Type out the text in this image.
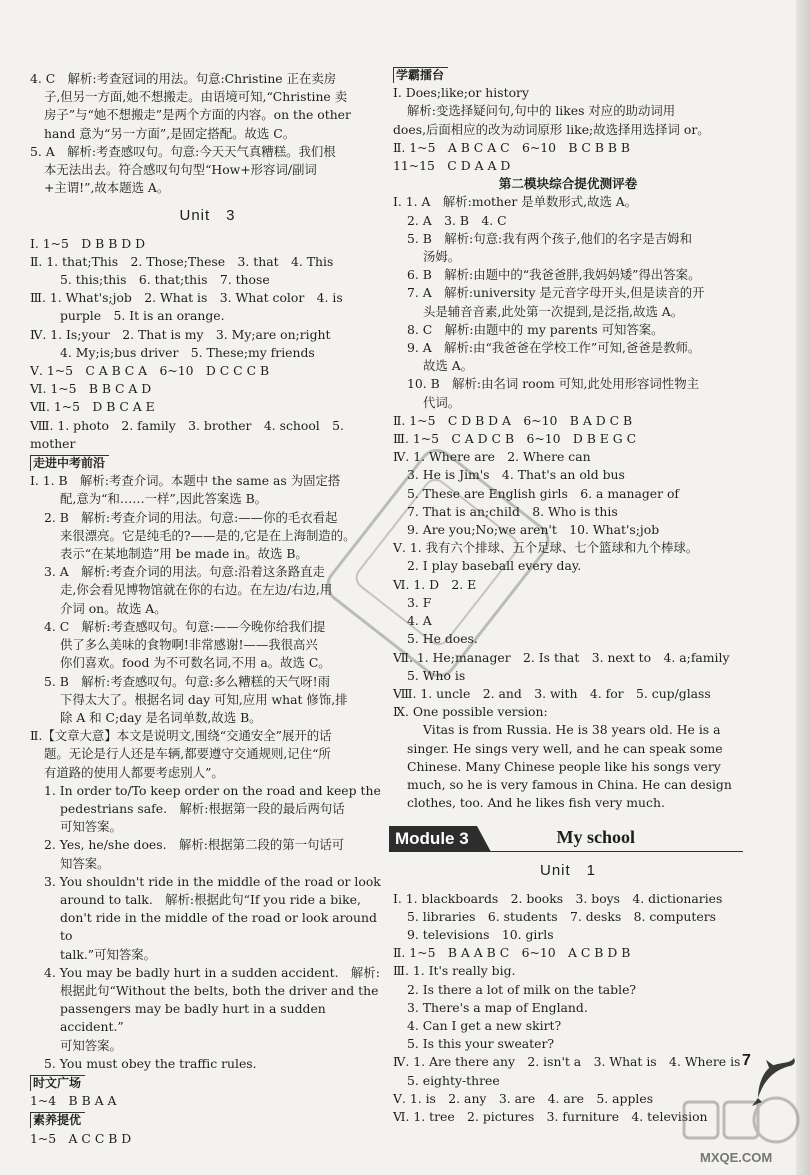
4. C　解析:考查冠词的用法。句意:Christine 正在卖房

子,但另一方面,她不想搬走。由语境可知,“Christine 卖

房子”与“她不想搬走”是两个方面的内容。on the other

hand 意为“另一方面”,是固定搭配。故选 C。

5. A　解析:考查感叹句。句意:今天天气真糟糕。我们根

本无法出去。符合感叹句句型“How+形容词/副词

+主谓!”,故本题选 A。

Unit　3

Ⅰ. 1~5　D B B D D

Ⅱ. 1. that;This　2. Those;These　3. that　4. This

5. this;this　6. that;this　7. those

Ⅲ. 1. What's;job　2. What is　3. What color　4. is

purple　5. It is an orange.

Ⅳ. 1. Is;your　2. That is my　3. My;are on;right

4. My;is;bus driver　5. These;my friends

Ⅴ. 1~5　C A B C A　6~10　D C C C B

Ⅵ. 1~5　B B C A D

Ⅶ. 1~5　D B C A E

Ⅷ. 1. photo　2. family　3. brother　4. school　5. mother

走进中考前沿

Ⅰ. 1. B　解析:考查介词。本题中 the same as 为固定搭

配,意为“和……一样”,因此答案选 B。

2. B　解析:考查介词的用法。句意:——你的毛衣看起

来很漂亮。它是纯毛的?——是的,它是在上海制造的。

表示“在某地制造”用 be made in。故选 B。

3. A　解析:考查介词的用法。句意:沿着这条路直走

走,你会看见博物馆就在你的右边。在左边/右边,用

介词 on。故选 A。

4. C　解析:考查感叹句。句意:——今晚你给我们提

供了多么美味的食物啊!非常感谢!——我很高兴

你们喜欢。food 为不可数名词,不用 a。故选 C。

5. B　解析:考查感叹句。句意:多么糟糕的天气呀!雨

下得太大了。根据名词 day 可知,应用 what 修饰,排

除 A 和 C;day 是名词单数,故选 B。

Ⅱ.【文章大意】本文是说明文,围绕“交通安全”展开的话

题。无论是行人还是车辆,都要遵守交通规则,记住“所

有道路的使用人都要考虑别人”。

1. In order to/To keep order on the road and keep the

pedestrians safe.　解析:根据第一段的最后两句话

可知答案。

2. Yes, he/she does.　解析:根据第二段的第一句话可

知答案。

3. You shouldn't ride in the middle of the road or look

around to talk.　解析:根据此句“If you ride a bike,

don't ride in the middle of the road or look around to

talk.”可知答案。

4. You may be badly hurt in a sudden accident.　解析:

根据此句“Without the belts, both the driver and the

passengers may be badly hurt in a sudden accident.”

可知答案。

5. You must obey the traffic rules.

时文广场

1~4　B B A A

素养提优

1~5　A C C B D

学霸擂台

Ⅰ. Does;like;or history

解析:变选择疑问句,句中的 likes 对应的助动词用

does,后面相应的改为动词原形 like;故选择用选择词 or。

Ⅱ. 1~5　A B C A C　6~10　B C B B B

11~15　C D A A D

第二模块综合提优测评卷

Ⅰ. 1. A　解析:mother 是单数形式,故选 A。

2. A　3. B　4. C

5. B　解析:句意:我有两个孩子,他们的名字是吉姆和

汤姆。

6. B　解析:由题中的“我爸爸胖,我妈妈矮”得出答案。

7. A　解析:university 是元音字母开头,但是读音的开

头是辅音音素,此处第一次提到,是泛指,故选 A。

8. C　解析:由题中的 my parents 可知答案。

9. A　解析:由“我爸爸在学校工作”可知,爸爸是教师。

故选 A。

10. B　解析:由名词 room 可知,此处用形容词性物主

代词。

Ⅱ. 1~5　C D B D A　6~10　B A D C B

Ⅲ. 1~5　C A D C B　6~10　D B E G C

Ⅳ. 1. Where are　2. Where can

3. He is Jim's　4. That's an old bus

5. These are English girls　6. a manager of

7. That is an;child　8. Who is this

9. Are you;No;we aren't　10. What's;job

Ⅴ. 1. 我有六个排球、五个足球、七个篮球和九个棒球。

2. I play baseball every day.

Ⅵ. 1. D　2. E

3. F

4. A

5. He does.

Ⅶ. 1. He;manager　2. Is that　3. next to　4. a;family

5. Who is

Ⅷ. 1. uncle　2. and　3. with　4. for　5. cup/glass

Ⅸ. One possible version:

Vitas is from Russia. He is 38 years old. He is a

singer. He sings very well, and he can speak some

Chinese. Many Chinese people like his songs very

much, so he is very famous in China. He can design

clothes, too. And he likes fish very much.

Module 3	My school
Unit　1

Ⅰ. 1. blackboards　2. books　3. boys　4. dictionaries

5. libraries　6. students　7. desks　8. computers

9. televisions　10. girls

Ⅱ. 1~5　B A A B C　6~10　A C B D B

Ⅲ. 1. It's really big.

2. Is there a lot of milk on the table?

3. There's a map of England.

4. Can I get a new skirt?

5. Is this your sweater?

Ⅳ. 1. Are there any　2. isn't a　3. What is　4. Where is

5. eighty-three

Ⅴ. 1. is　2. any　3. are　4. are　5. apples

Ⅵ. 1. tree　2. pictures　3. furniture　4. television

7
MXQE.COM
